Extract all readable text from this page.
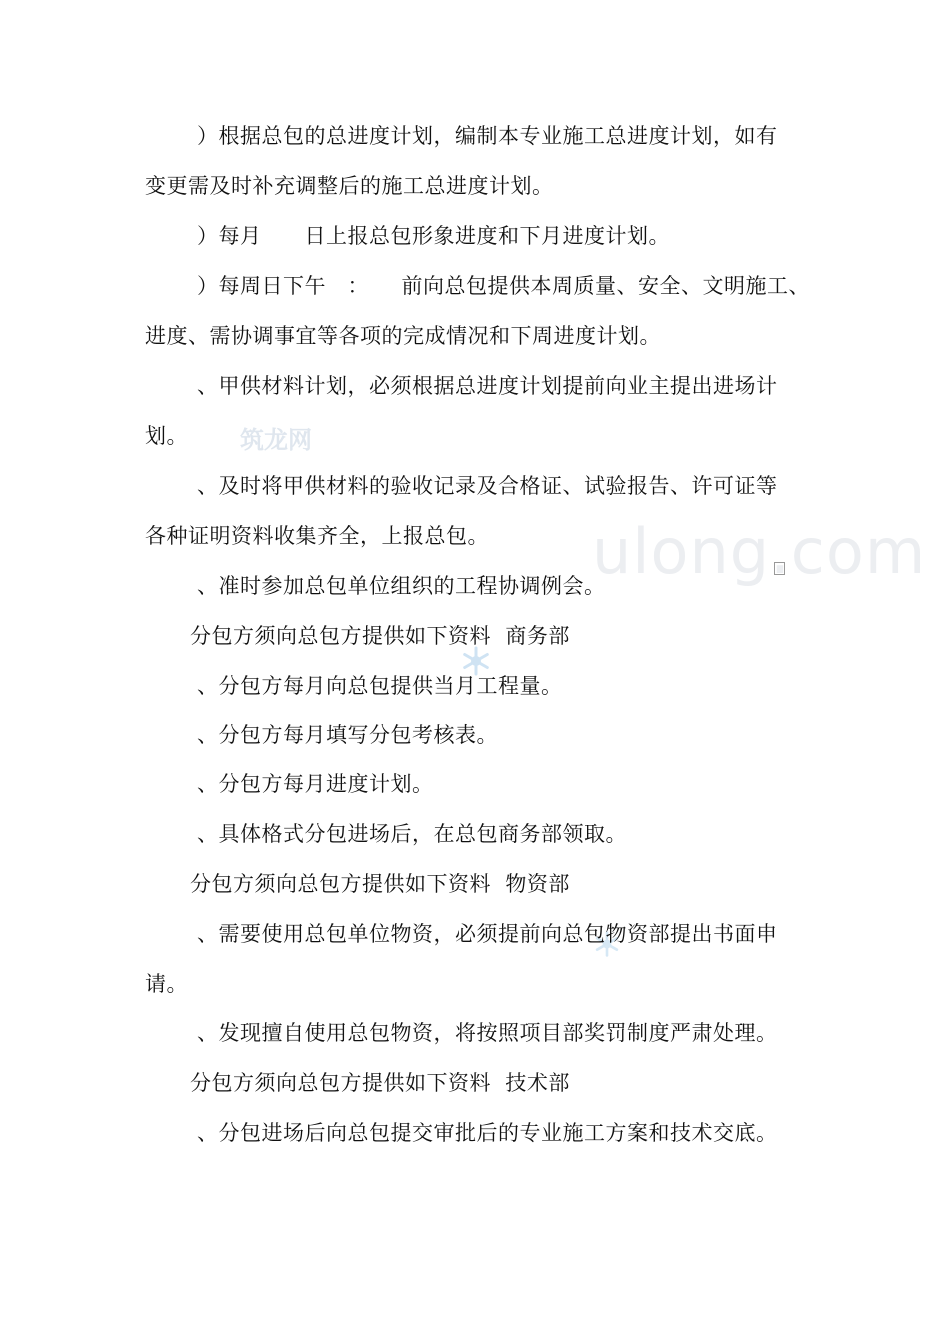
筑龙网
ulong.com
）根据总包的总进度计划，编制本专业施工总进度计划，如有
变更需及时补充调整后的施工总进度计划。
）每月　　日上报总包形象进度和下月进度计划。
）每周日下午　：　　前向总包提供本周质量、安全、文明施工、
进度、需协调事宜等各项的完成情况和下周进度计划。
、甲供材料计划，必须根据总进度计划提前向业主提出进场计
划。
、及时将甲供材料的验收记录及合格证、试验报告、许可证等
各种证明资料收集齐全，上报总包。
、准时参加总包单位组织的工程协调例会。
分包方须向总包方提供如下资料  商务部
、分包方每月向总包提供当月工程量。
、分包方每月填写分包考核表。
、分包方每月进度计划。
、具体格式分包进场后，在总包商务部领取。
分包方须向总包方提供如下资料  物资部
、需要使用总包单位物资，必须提前向总包物资部提出书面申
请。
、发现擅自使用总包物资，将按照项目部奖罚制度严肃处理。
分包方须向总包方提供如下资料  技术部
、分包进场后向总包提交审批后的专业施工方案和技术交底。
